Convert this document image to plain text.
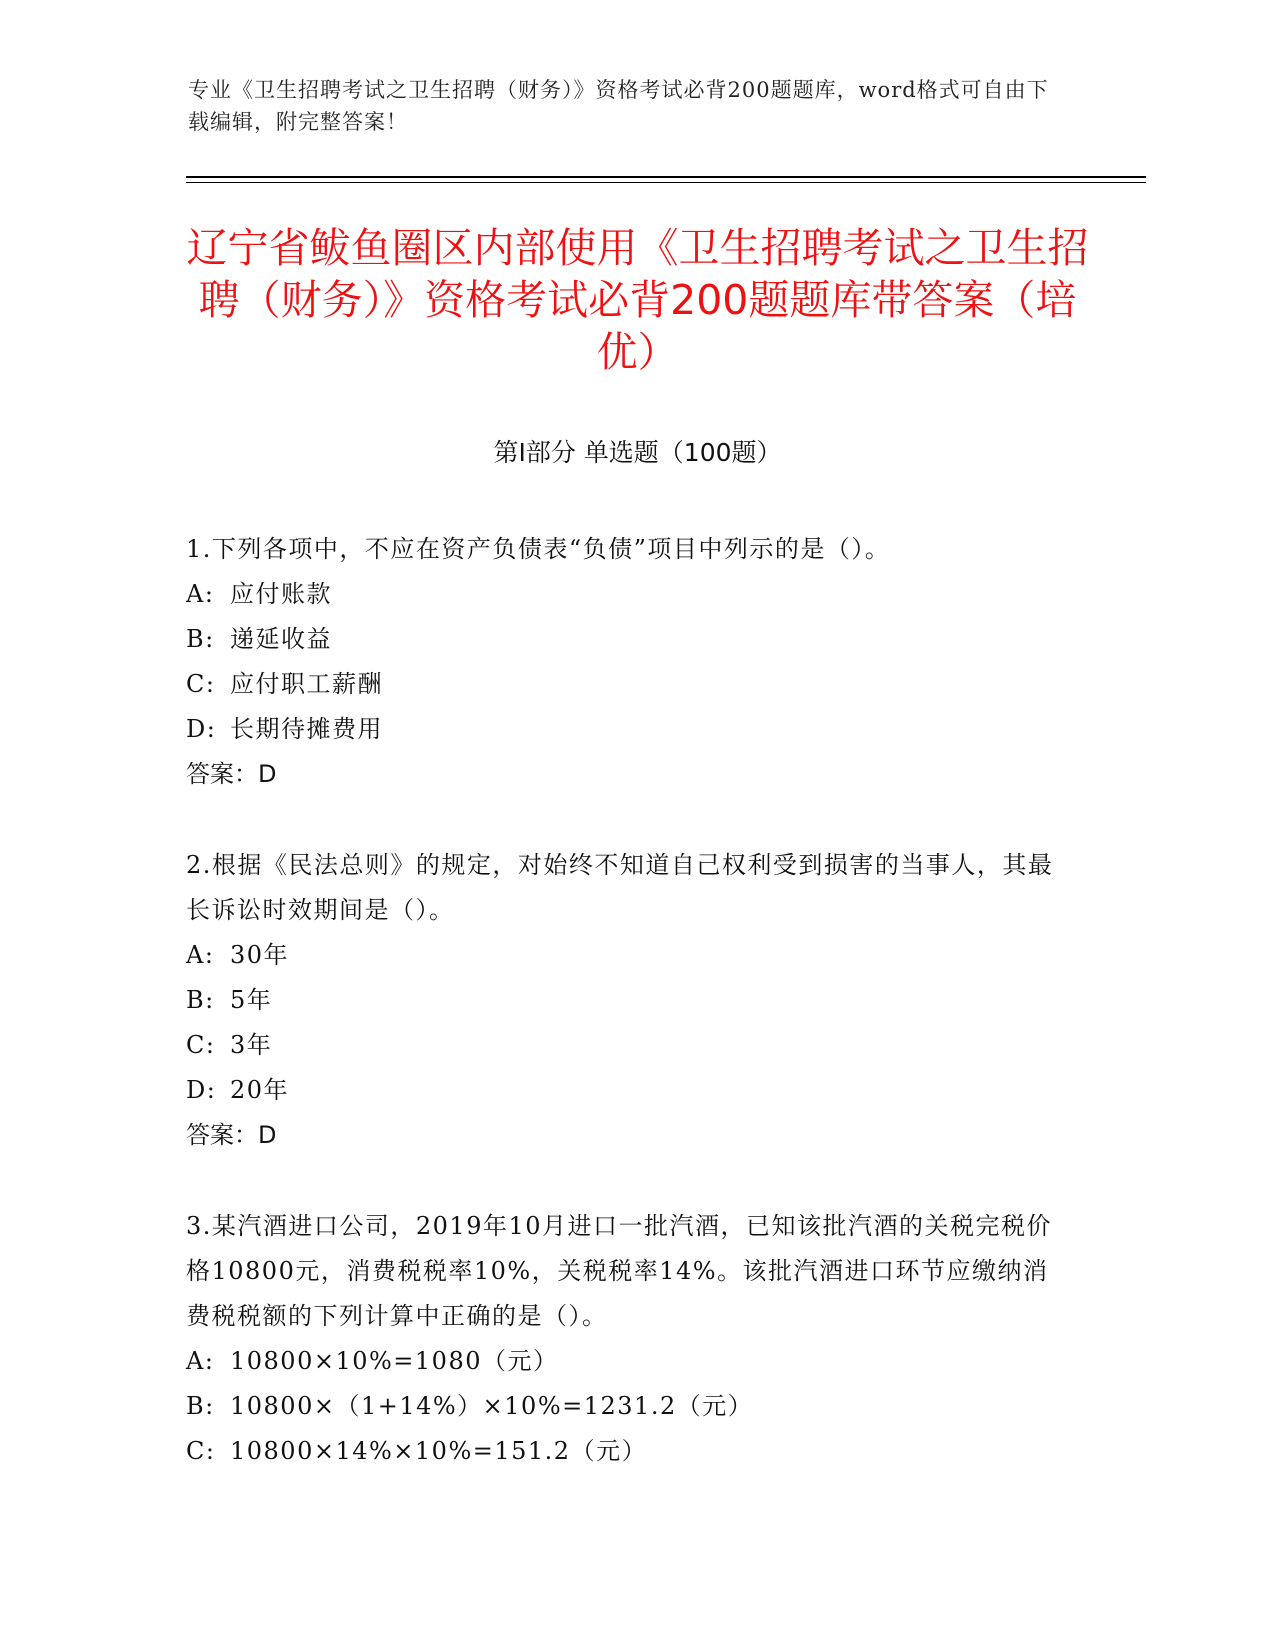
专业《卫生招聘考试之卫生招聘（财务）》资格考试必背200题题库，word格式可自由下载编辑，附完整答案！
辽宁省鲅鱼圈区内部使用《卫生招聘考试之卫生招聘（财务）》资格考试必背200题题库带答案（培优）
第Ⅰ部分 单选题（100题）

1.下列各项中，不应在资产负债表“负债”项目中列示的是（）。

A: 应付账款

B: 递延收益

C: 应付职工薪酬

D: 长期待摊费用

答案：D

2.根据《民法总则》的规定，对始终不知道自己权利受到损害的当事人，其最长诉讼时效期间是（）。

A: 30年

B: 5年

C: 3年

D: 20年

答案：D

3.某汽酒进口公司，2019年10月进口一批汽酒，已知该批汽酒的关税完税价格10800元，消费税税率10%，关税税率14%。该批汽酒进口环节应缴纳消费税税额的下列计算中正确的是（）。

A: 10800×10%=1080（元）

B: 10800×（1+14%）×10%=1231.2（元）

C: 10800×14%×10%=151.2（元）
